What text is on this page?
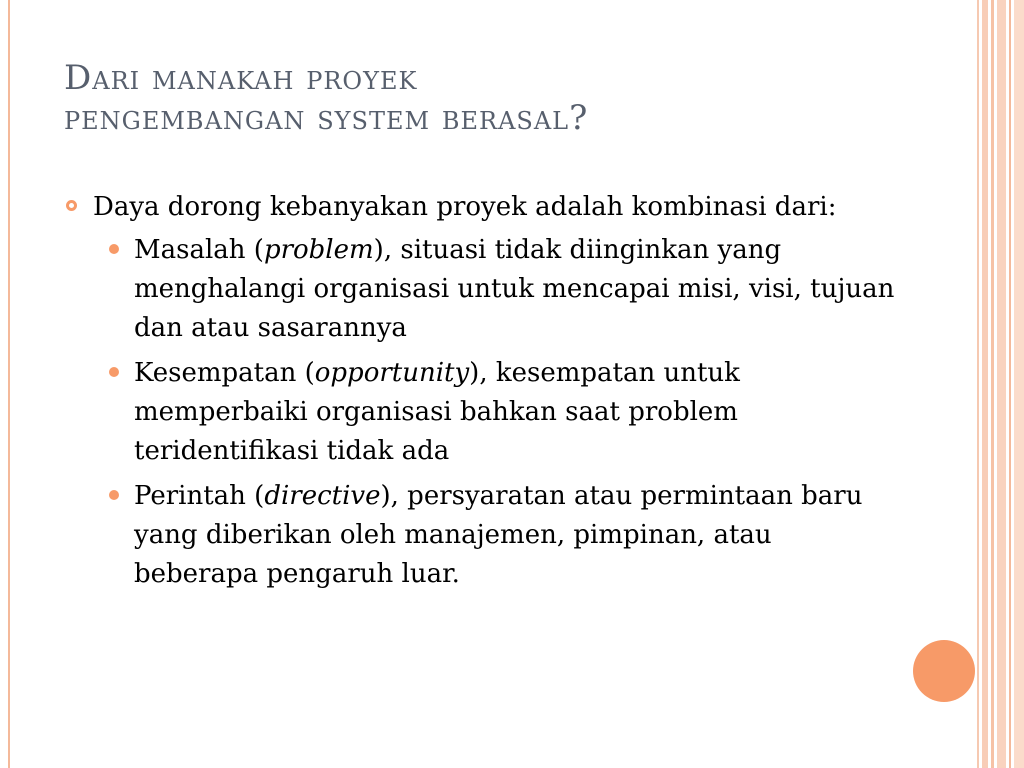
Dari manakah proyek
pengembangan system berasal?
Daya dorong kebanyakan proyek adalah kombinasi dari:
Masalah (problem), situasi tidak diinginkan yang menghalangi organisasi untuk mencapai misi, visi, tujuan dan atau sasarannya
Kesempatan (opportunity), kesempatan untuk memperbaiki organisasi bahkan saat problem teridentifikasi tidak ada
Perintah (directive), persyaratan atau permintaan baru yang diberikan oleh manajemen, pimpinan, atau beberapa pengaruh luar.
